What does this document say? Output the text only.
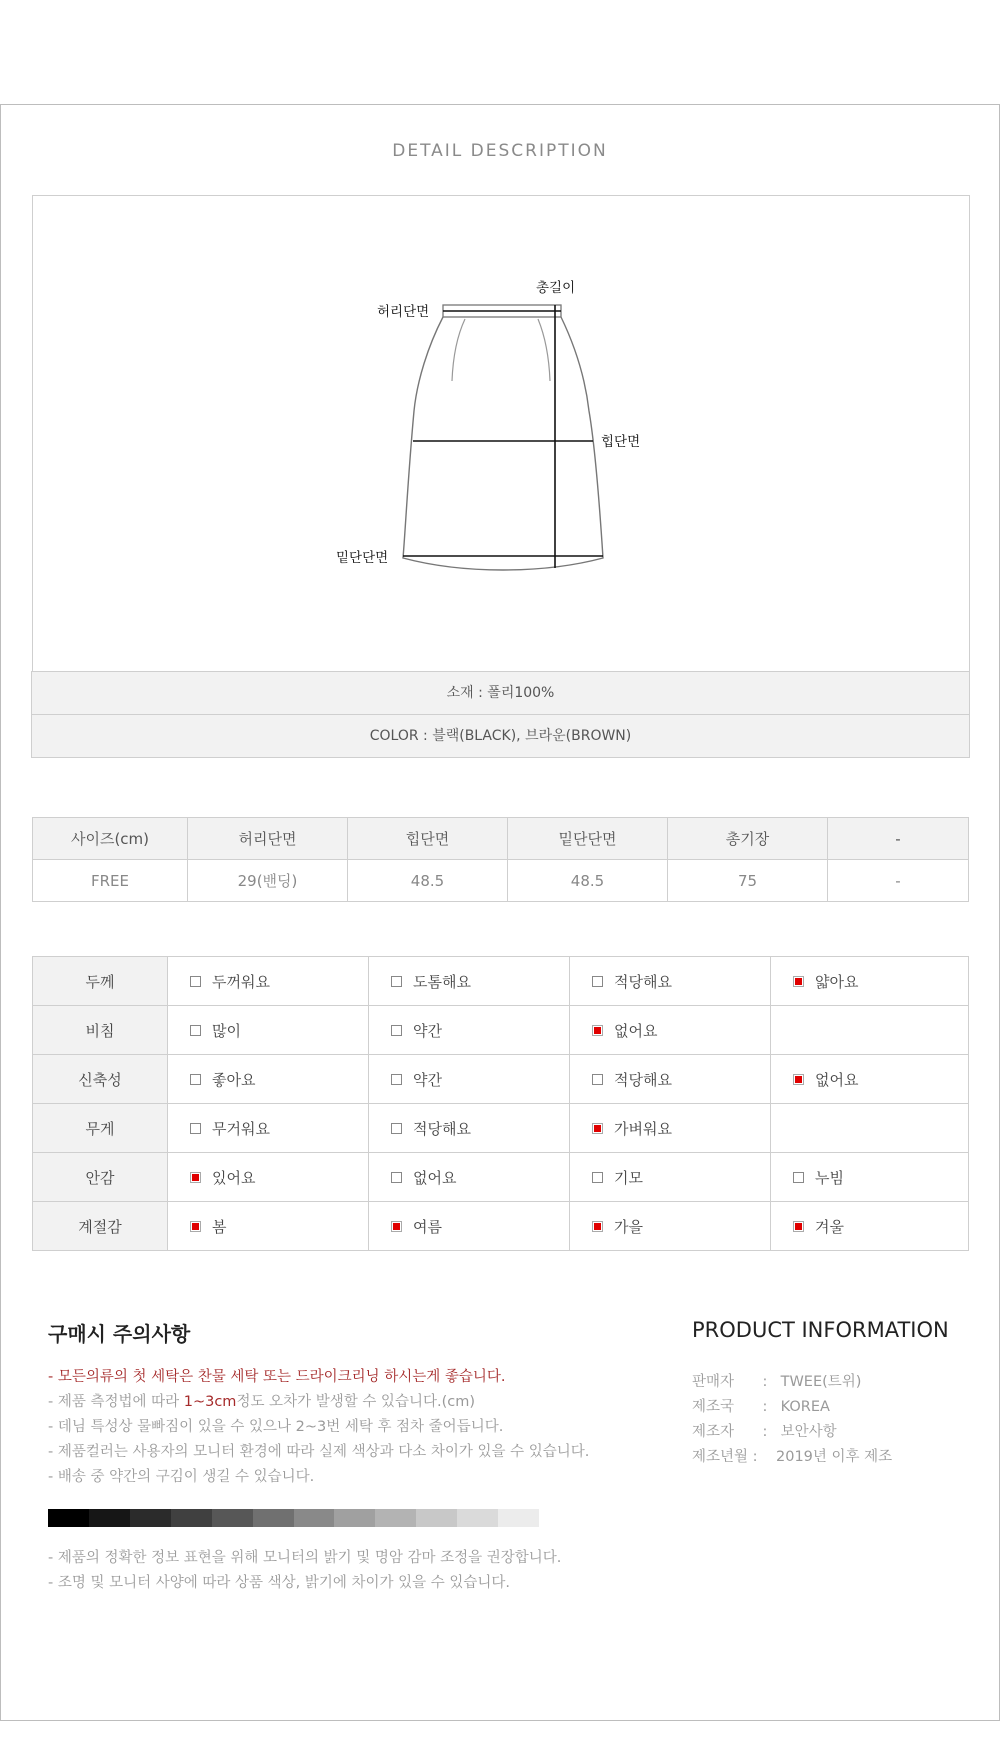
DETAIL DESCRIPTION
총길이
허리단면
힙단면
밑단단면
소재 : 폴리100%
COLOR : 블랙(BLACK), 브라운(BROWN)
사이즈(cm)	허리단면	힙단면	밑단단면	총기장	-
FREE	29(밴딩)	48.5	48.5	75	-
두께	두꺼워요	도톰해요	적당해요	얇아요
비침	많이	약간	없어요	
신축성	좋아요	약간	적당해요	없어요
무게	무거워요	적당해요	가벼워요	
안감	있어요	없어요	기모	누빔
계절감	봄	여름	가을	겨울
구매시 주의사항
- 모든의류의 첫 세탁은 찬물 세탁 또는 드라이크리닝 하시는게 좋습니다.
- 제품 측정법에 따라 1~3cm정도 오차가 발생할 수 있습니다.(cm)
- 데님 특성상 물빠짐이 있을 수 있으나 2~3번 세탁 후 점차 줄어듭니다.
- 제품컬러는 사용자의 모니터 환경에 따라 실제 색상과 다소 차이가 있을 수 있습니다.
- 배송 중 약간의 구김이 생길 수 있습니다.
- 제품의 정확한 정보 표현을 위해 모니터의 밝기 및 명암 감마 조정을 권장합니다.
- 조명 및 모니터 사양에 따라 상품 색상, 밝기에 차이가 있을 수 있습니다.
PRODUCT INFORMATION
판매자 : TWEE(트위)
제조국 : KOREA
제조자 : 보안사항
제조년월 : 2019년 이후 제조
